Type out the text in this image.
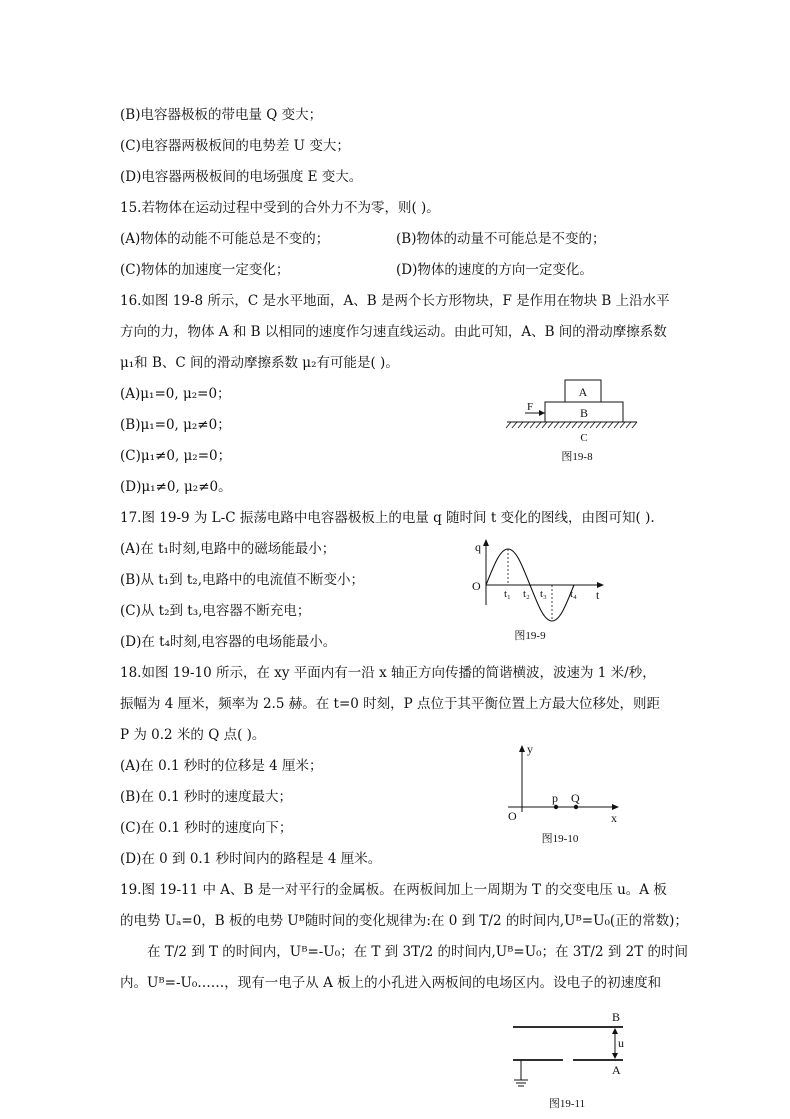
(B)电容器极板的带电量 Q 变大；
(C)电容器两极板间的电势差 U 变大；
(D)电容器两极板间的电场强度 E 变大。
15.若物体在运动过程中受到的合外力不为零，则( )。
(A)物体的动能不可能总是不变的；	(B)物体的动量不可能总是不变的；
(C)物体的加速度一定变化；	(D)物体的速度的方向一定变化。
16.如图 19-8 所示，C 是水平地面，A、B 是两个长方形物块，F 是作用在物块 B 上沿水平
方向的力，物体 A 和 B 以相同的速度作匀速直线运动。由此可知，A、B 间的滑动摩擦系数
μ₁和 B、C 间的滑动摩擦系数 μ₂有可能是( )。
(A)μ₁=0, μ₂=0；
(B)μ₁=0, μ₂≠0；
(C)μ₁≠0, μ₂=0；
(D)μ₁≠0, μ₂≠0。
17.图 19-9 为 L-C 振荡电路中电容器极板上的电量 q 随时间 t 变化的图线，由图可知( ).
(A)在 t₁时刻,电路中的磁场能最小；
(B)从 t₁到 t₂,电路中的电流值不断变小；
(C)从 t₂到 t₃,电容器不断充电；
(D)在 t₄时刻,电容器的电场能最小。
18.如图 19-10 所示，在 xy 平面内有一沿 x 轴正方向传播的简谐横波，波速为 1 米/秒，
振幅为 4 厘米，频率为 2.5 赫。在 t=0 时刻，P 点位于其平衡位置上方最大位移处，则距
P 为 0.2 米的 Q 点( )。
(A)在 0.1 秒时的位移是 4 厘米；
(B)在 0.1 秒时的速度最大；
(C)在 0.1 秒时的速度向下；
(D)在 0 到 0.1 秒时间内的路程是 4 厘米。
19.图 19-11 中 A、B 是一对平行的金属板。在两板间加上一周期为 T 的交变电压 u。A 板
的电势 Uₐ=0，B 板的电势 Uᴮ随时间的变化规律为:在 0 到 T/2 的时间内,Uᴮ=U₀(正的常数)；
在 T/2 到 T 的时间内，Uᴮ=-U₀；在 T 到 3T/2 的时间内,Uᴮ=U₀；在 3T/2 到 2T 的时间
内。Uᴮ=-U₀……，现有一电子从 A 板上的小孔进入两板间的电场区内。设电子的初速度和
A
B
F
C
图19-8
q
t
O
t₁ t₂ t₃ t₄
图19-9
y
x
O
p Q
图19-10
B
A
u
图19-11
